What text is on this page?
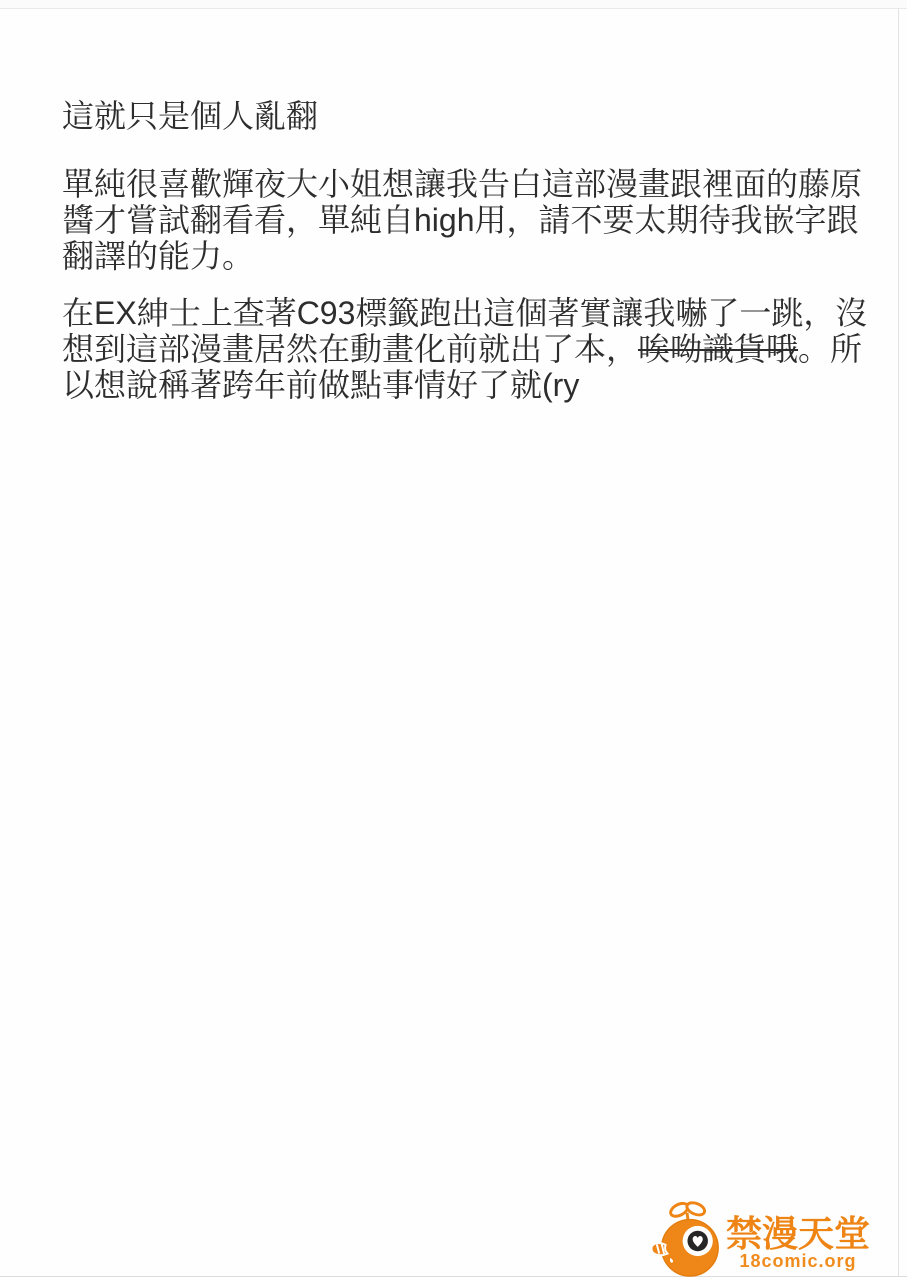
這就只是個人亂翻
單純很喜歡輝夜大小姐想讓我告白這部漫畫跟裡面的藤原
醬才嘗試翻看看，單純自high用，請不要太期待我嵌字跟
翻譯的能力。
在EX紳士上查著C93標籤跑出這個著實讓我嚇了一跳，沒
想到這部漫畫居然在動畫化前就出了本，唉呦識貨哦。所
以想說稱著跨年前做點事情好了就(ry
禁漫天堂
18comic.org
